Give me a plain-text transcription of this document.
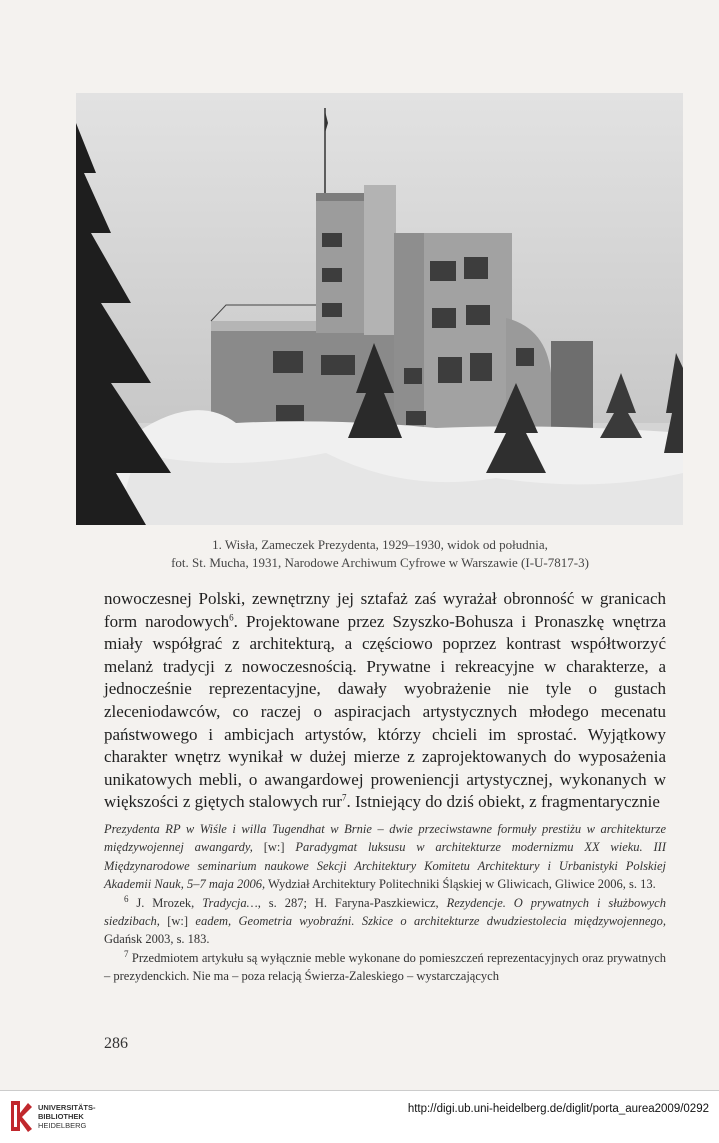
1. Wisła, Zameczek Prezydenta, 1929–1930, widok od południa,
fot. St. Mucha, 1931, Narodowe Archiwum Cyfrowe w Warszawie (I-U-7817-3)

nowoczesnej Polski, zewnętrzny jej sztafaż zaś wyrażał obronność w granicach form narodowych$^6$. Projektowane przez Szyszko-Bohusza i Pronaszkę wnętrza miały współgrać z architekturą, a częściowo poprzez kontrast współtworzyć melanż tradycji z nowoczesnością. Prywatne i rekreacyjne w charakterze, a jednocześnie reprezentacyjne, dawały wyobrażenie nie tyle o gustach zleceniodawców, co raczej o aspiracjach artystycznych młodego mecenatu państwowego i ambicjach artystów, którzy chcieli im sprostać. Wyjątkowy charakter wnętrz wynikał w dużej mierze z zaprojektowanych do wyposażenia unikatowych mebli, o awangardowej proweniencji artystycznej, wykonanych w większości z giętych stalowych rur$^7$. Istniejący do dziś obiekt, z fragmentarycznie

Prezydenta RP w Wiśle i willa Tugendhat w Brnie – dwie przeciwstawne formuły prestiżu w architekturze międzywojennej awangardy, [w:] Paradygmat luksusu w architekturze modernizmu XX wieku. III Międzynarodowe seminarium naukowe Sekcji Architektury Komitetu Architektury i Urbanistyki Polskiej Akademii Nauk, 5–7 maja 2006, Wydział Architektury Politechniki Śląskiej w Gliwicach, Gliwice 2006, s. 13.

$^6$ J. Mrozek, Tradycja…, s. 287; H. Faryna-Paszkiewicz, Rezydencje. O prywatnych i służbowych siedzibach, [w:] eadem, Geometria wyobraźni. Szkice o architekturze dwudziestolecia międzywojennego, Gdańsk 2003, s. 183.

$^7$ Przedmiotem artykułu są wyłącznie meble wykonane do pomieszczeń reprezentacyjnych oraz prywatnych – prezydenckich. Nie ma – poza relacją Świerza-Zaleskiego – wystarczających

286
UNIVERSITÄTS-
BIBLIOTHEK
HEIDELBERG
http://digi.ub.uni-heidelberg.de/diglit/porta_aurea2009/0292
